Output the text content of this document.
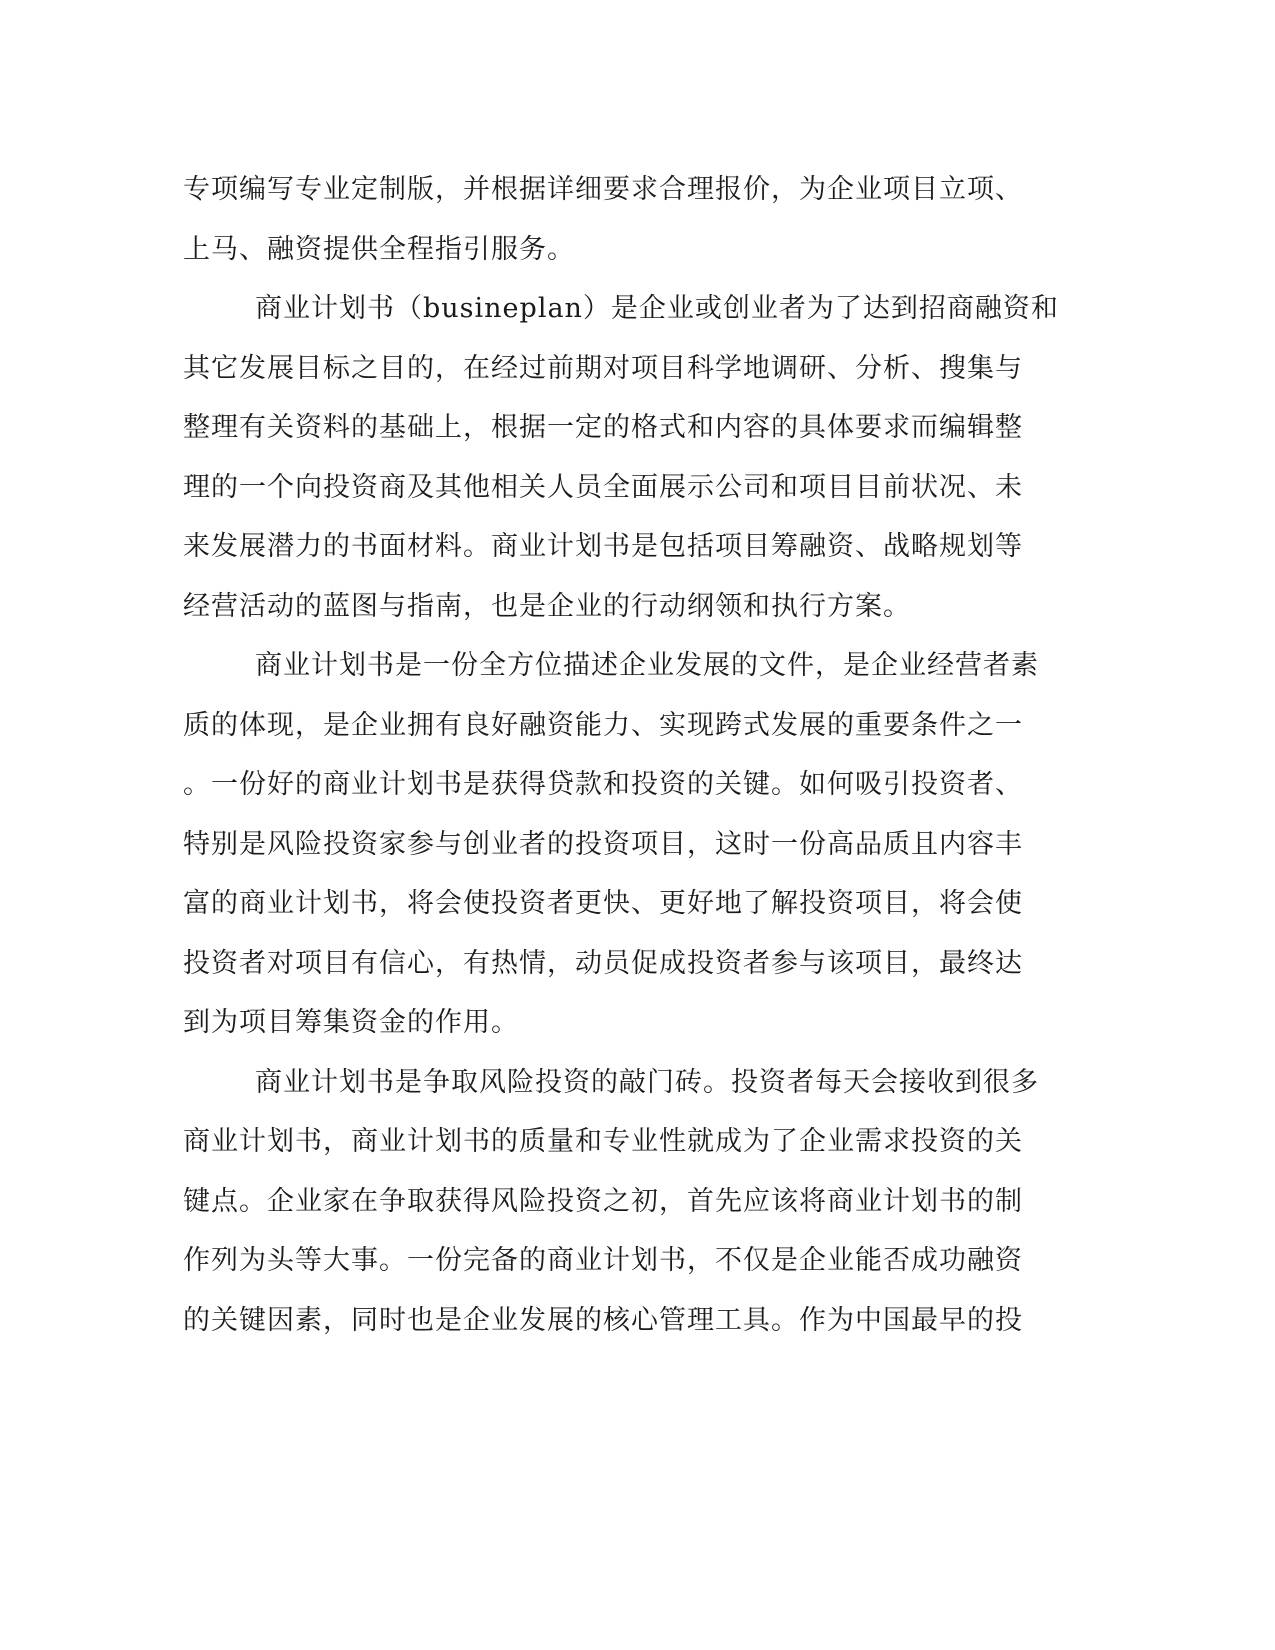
专项编写专业定制版，并根据详细要求合理报价，为企业项目立项、
上马、融资提供全程指引服务。
商业计划书（busineplan）是企业或创业者为了达到招商融资和
其它发展目标之目的，在经过前期对项目科学地调研、分析、搜集与
整理有关资料的基础上，根据一定的格式和内容的具体要求而编辑整
理的一个向投资商及其他相关人员全面展示公司和项目目前状况、未
来发展潜力的书面材料。商业计划书是包括项目筹融资、战略规划等
经营活动的蓝图与指南，也是企业的行动纲领和执行方案。
商业计划书是一份全方位描述企业发展的文件，是企业经营者素
质的体现，是企业拥有良好融资能力、实现跨式发展的重要条件之一
。一份好的商业计划书是获得贷款和投资的关键。如何吸引投资者、
特别是风险投资家参与创业者的投资项目，这时一份高品质且内容丰
富的商业计划书，将会使投资者更快、更好地了解投资项目，将会使
投资者对项目有信心，有热情，动员促成投资者参与该项目，最终达
到为项目筹集资金的作用。
商业计划书是争取风险投资的敲门砖。投资者每天会接收到很多
商业计划书，商业计划书的质量和专业性就成为了企业需求投资的关
键点。企业家在争取获得风险投资之初，首先应该将商业计划书的制
作列为头等大事。一份完备的商业计划书，不仅是企业能否成功融资
的关键因素，同时也是企业发展的核心管理工具。作为中国最早的投
